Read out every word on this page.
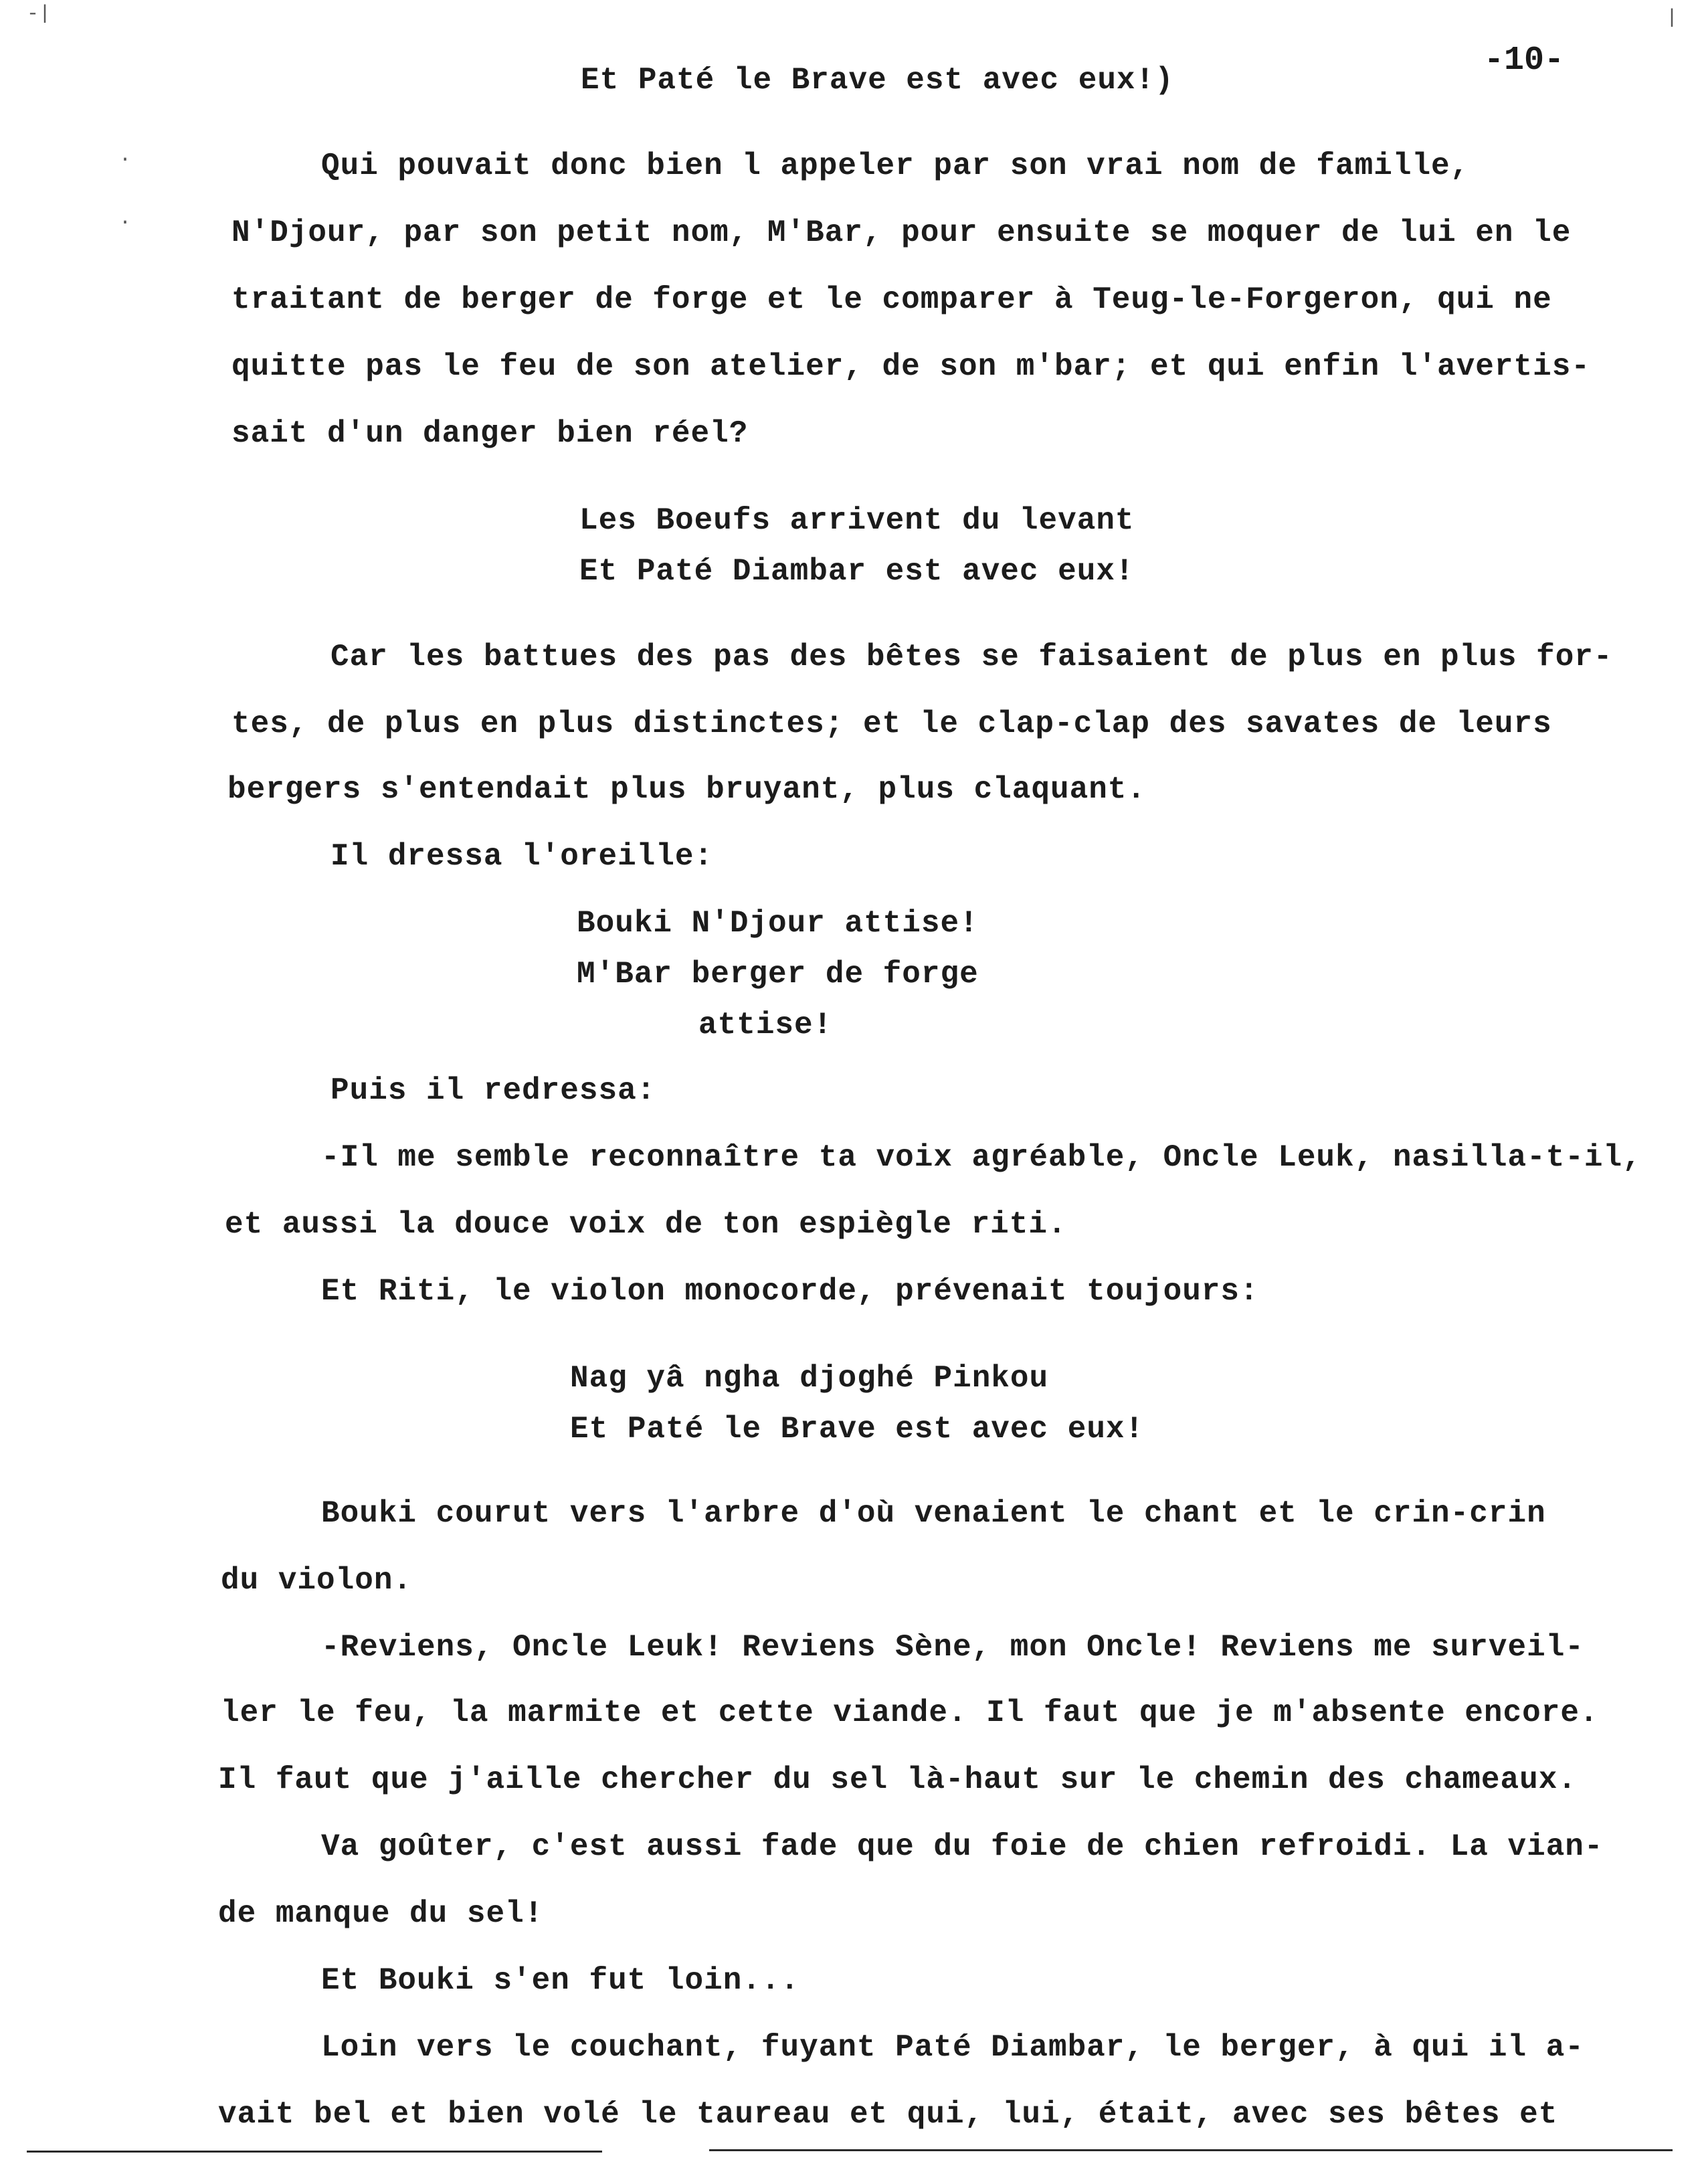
-|	|
·
·
-10-
Et Paté le Brave est avec eux!)
Qui pouvait donc bien l appeler par son vrai nom de famille,
N'Djour, par son petit nom, M'Bar, pour ensuite se moquer de lui en le
traitant de berger de forge et le comparer à Teug-le-Forgeron, qui ne
quitte pas le feu de son atelier, de son m'bar; et qui enfin l'avertis-
sait d'un danger bien réel?
Les Boeufs arrivent du levant
Et Paté Diambar est avec eux!
Car les battues des pas des bêtes se faisaient de plus en plus for-
tes, de plus en plus distinctes; et le clap-clap des savates de leurs
bergers s'entendait plus bruyant, plus claquant.
Il dressa l'oreille:
Bouki N'Djour attise!
M'Bar berger de forge
attise!
Puis il redressa:
-Il me semble reconnaître ta voix agréable, Oncle Leuk, nasilla-t-il,
et aussi la douce voix de ton espiègle riti.
Et Riti, le violon monocorde, prévenait toujours:
Nag yâ ngha djoghé Pinkou
Et Paté le Brave est avec eux!
Bouki courut vers l'arbre d'où venaient le chant et le crin-crin
du violon.
-Reviens, Oncle Leuk! Reviens Sène, mon Oncle! Reviens me surveil-
ler le feu, la marmite et cette viande. Il faut que je m'absente encore.
Il faut que j'aille chercher du sel là-haut sur le chemin des chameaux.
Va goûter, c'est aussi fade que du foie de chien refroidi. La vian-
de manque du sel!
Et Bouki s'en fut loin...
Loin vers le couchant, fuyant Paté Diambar, le berger, à qui il a-
vait bel et bien volé le taureau et qui, lui, était, avec ses bêtes et
